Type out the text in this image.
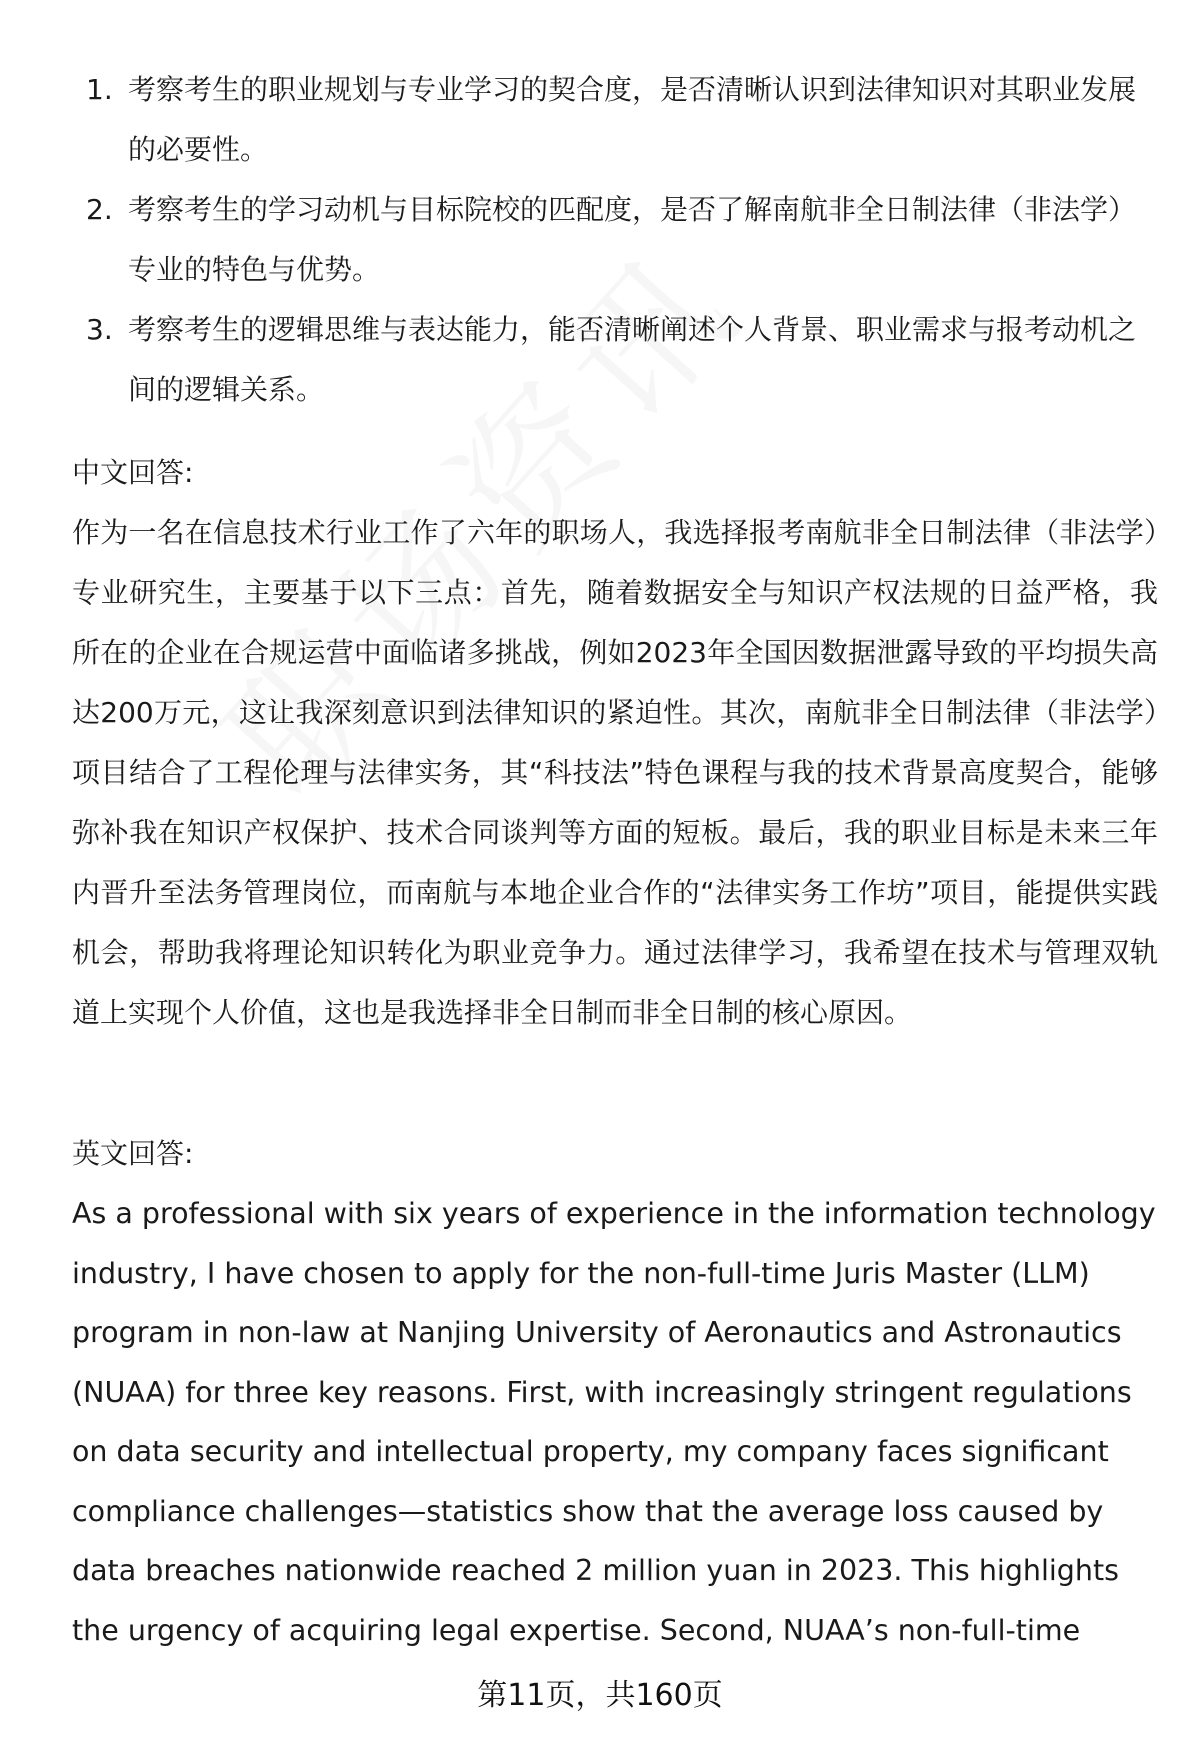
1. 考察考生的职业规划与专业学习的契合度，是否清晰认识到法律知识对其职业发展的必要性。
2. 考察考生的学习动机与目标院校的匹配度，是否了解南航非全日制法律（非法学）专业的特色与优势。
3. 考察考生的逻辑思维与表达能力，能否清晰阐述个人背景、职业需求与报考动机之间的逻辑关系。
中文回答:
作为一名在信息技术行业工作了六年的职场人，我选择报考南航非全日制法律（非法学）专业研究生，主要基于以下三点：首先，随着数据安全与知识产权法规的日益严格，我所在的企业在合规运营中面临诸多挑战，例如2023年全国因数据泄露导致的平均损失高达200万元，这让我深刻意识到法律知识的紧迫性。其次，南航非全日制法律（非法学）项目结合了工程伦理与法律实务，其“科技法”特色课程与我的技术背景高度契合，能够弥补我在知识产权保护、技术合同谈判等方面的短板。最后，我的职业目标是未来三年内晋升至法务管理岗位，而南航与本地企业合作的“法律实务工作坊”项目，能提供实践机会，帮助我将理论知识转化为职业竞争力。通过法律学习，我希望在技术与管理双轨道上实现个人价值，这也是我选择非全日制而非全日制的核心原因。
英文回答:
As a professional with six years of experience in the information technology industry, I have chosen to apply for the non-full-time Juris Master (LLM) program in non-law at Nanjing University of Aeronautics and Astronautics (NUAA) for three key reasons. First, with increasingly stringent regulations on data security and intellectual property, my company faces significant compliance challenges—statistics show that the average loss caused by data breaches nationwide reached 2 million yuan in 2023. This highlights the urgency of acquiring legal expertise. Second, NUAA’s non-full-time
第11页，共160页
